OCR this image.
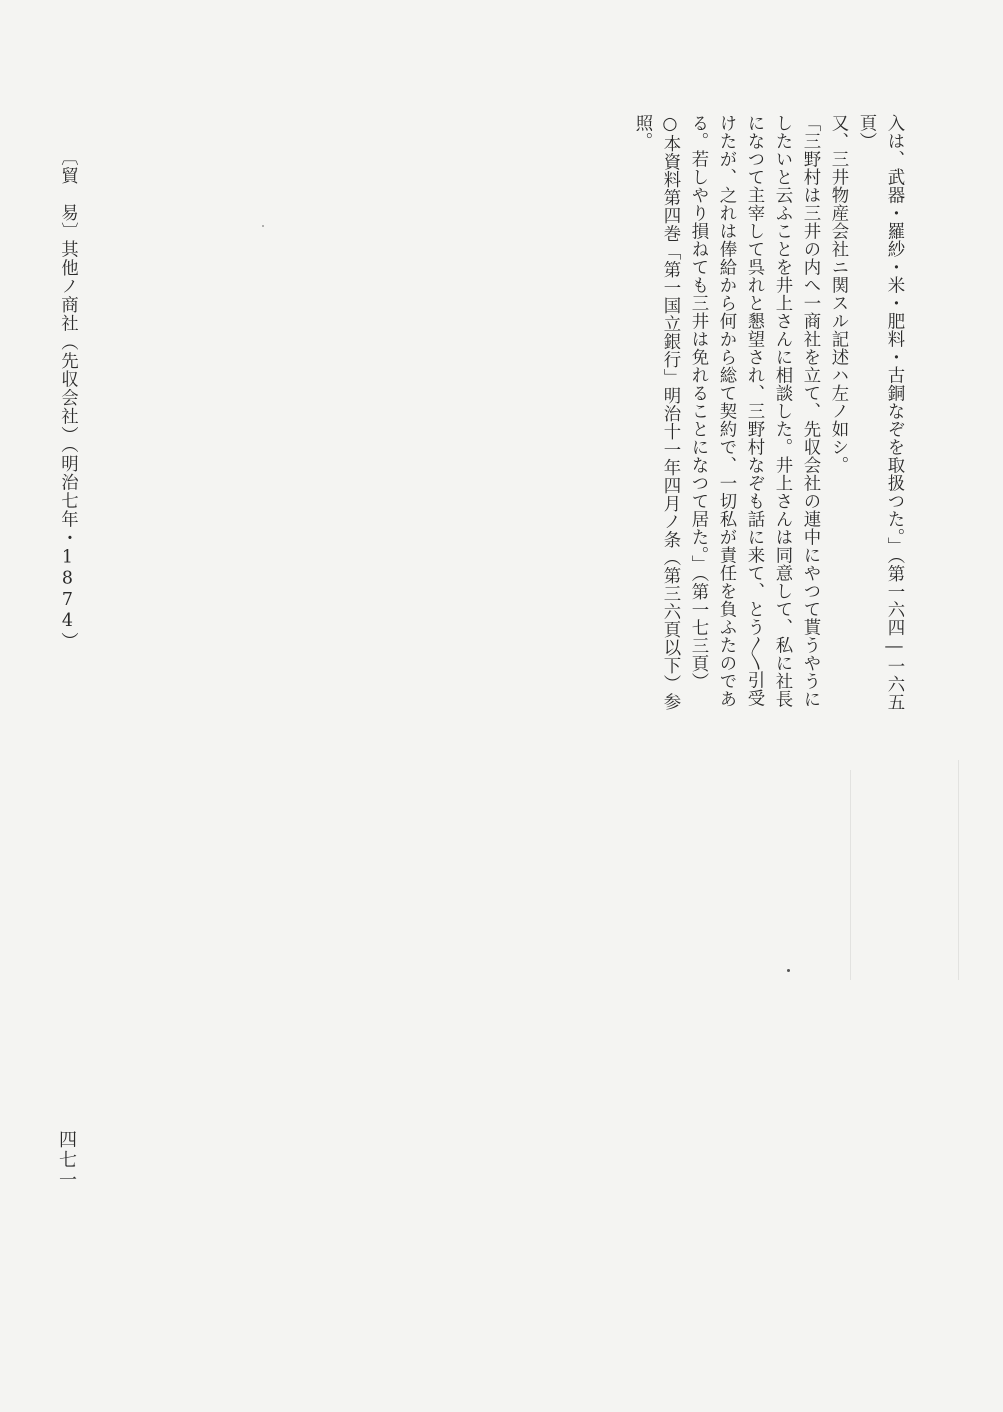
入は、武器・羅紗・米・肥料・古銅なぞを取扱つた。」（第一六四―一六五
頁）
又、三井物産会社ニ関スル記述ハ左ノ如シ。
「三野村は三井の内へ一商社を立て、先収会社の連中にやつて貰うやうに
したいと云ふことを井上さんに相談した。井上さんは同意して、私に社長
になつて主宰して呉れと懇望され、三野村なぞも話に来て、とう〳〵引受
けたが、之れは俸給から何から総て契約で、一切私が責任を負ふたのであ
る。若しやり損ねても三井は免れることになつて居た。」（第一七三頁）
○本資料第四巻「第一国立銀行」明治十一年四月ノ条（第三六頁以下）参
照。
〔貿　易〕
其他ノ商社（先収会社）（明治七年・1874）
四七一
